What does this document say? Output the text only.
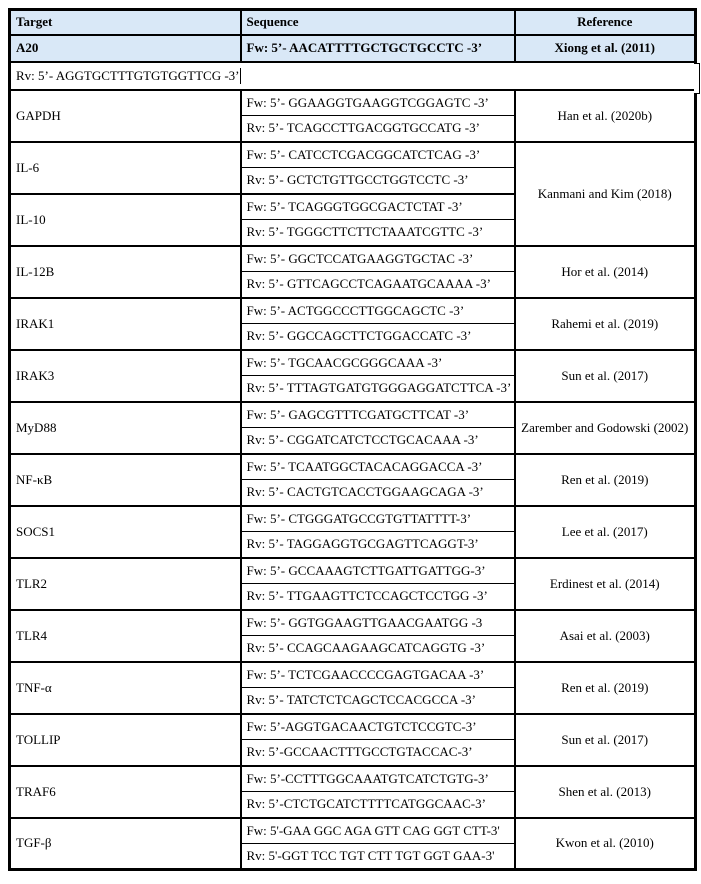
Target	Sequence	Reference
A20	Fw: 5’- AACATTTTGCTGCTGCCTC -3’	Xiong et al. (2011)

Rv: 5’- AGGTGCTTTGTGTGGTTCG -3’		

GAPDH	Fw: 5’- GGAAGGTGAAGGTCGGAGTC -3’	Han et al. (2020b)
	Rv: 5’- TCAGCCTTGACGGTGCCATG -3’	
IL-6	Fw: 5’- CATCCTCGACGGCATCTCAG -3’	Kanmani and Kim (2018)
	Rv: 5’- GCTCTGTTGCCTGGTCCTC -3’	
IL-10	Fw: 5’- TCAGGGTGGCGACTCTAT -3’	
	Rv: 5’- TGGGCTTCTTCTAAATCGTTC -3’	
IL-12B	Fw: 5’- GGCTCCATGAAGGTGCTAC -3’	Hor et al. (2014)
	Rv: 5’- GTTCAGCCTCAGAATGCAAAA -3’	
IRAK1	Fw: 5’- ACTGGCCCTTGGCAGCTC -3’	Rahemi et al. (2019)
	Rv: 5’- GGCCAGCTTCTGGACCATC -3’	
IRAK3	Fw: 5’- TGCAACGCGGGCAAA -3’	Sun et al. (2017)
	Rv: 5’- TTTAGTGATGTGGGAGGATCTTCA -3’	
MyD88	Fw: 5’- GAGCGTTTCGATGCTTCAT -3’	Zarember and Godowski (2002)
	Rv: 5’- CGGATCATCTCCTGCACAAA -3’	
NF-κB	Fw: 5’- TCAATGGCTACACAGGACCA -3’	Ren et al. (2019)
	Rv: 5’- CACTGTCACCTGGAAGCAGA -3’	
SOCS1	Fw: 5’- CTGGGATGCCGTGTTATTTT-3’	Lee et al. (2017)
	Rv: 5’- TAGGAGGTGCGAGTTCAGGT-3’	
TLR2	Fw: 5’- GCCAAAGTCTTGATTGATTGG-3’	Erdinest et al. (2014)
	Rv: 5’- TTGAAGTTCTCCAGCTCCTGG -3’	
TLR4	Fw: 5’- GGTGGAAGTTGAACGAATGG -3	Asai et al. (2003)
	Rv: 5’- CCAGCAAGAAGCATCAGGTG -3’	
TNF-α	Fw: 5’- TCTCGAACCCCGAGTGACAA -3’	Ren et al. (2019)
	Rv: 5’- TATCTCTCAGCTCCACGCCA -3’	
TOLLIP	Fw: 5’-AGGTGACAACTGTCTCCGTC-3’	Sun et al. (2017)
	Rv: 5’-GCCAACTTTGCCTGTACCAC-3’	
TRAF6	Fw: 5’-CCTTTGGCAAATGTCATCTGTG-3’	Shen et al. (2013)
	Rv: 5’-CTCTGCATCTTTTCATGGCAAC-3’	
TGF-β	Fw: 5'-GAA GGC AGA GTT CAG GGT CTT-3'	Kwon et al. (2010)
	Rv: 5'-GGT TCC TGT CTT TGT GGT GAA-3'	
